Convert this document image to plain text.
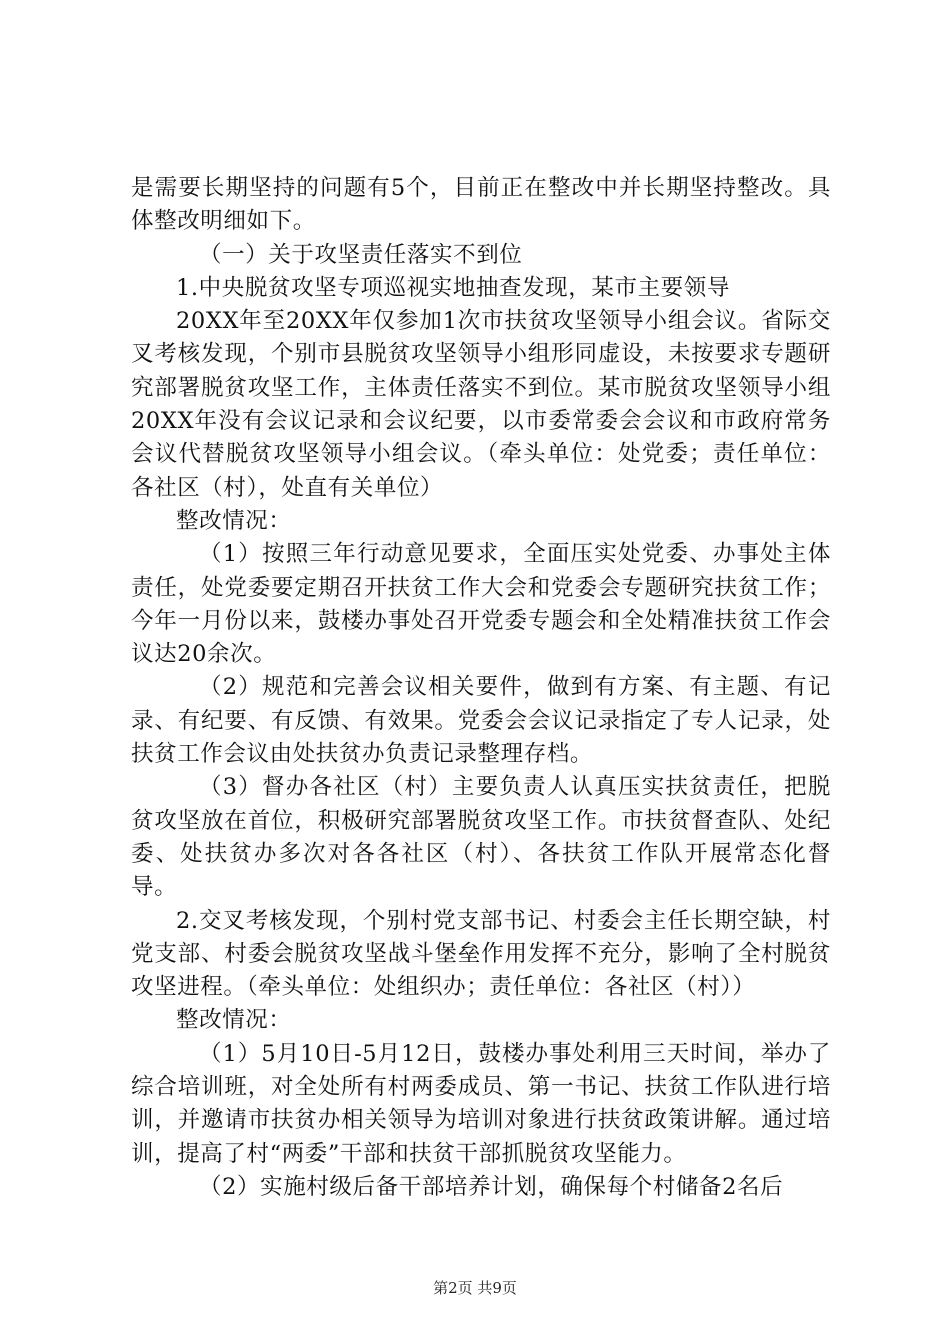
是需要长期坚持的问题有5个，目前正在整改中并长期坚持整改。具体整改明细如下。

（一）关于攻坚责任落实不到位

1.中央脱贫攻坚专项巡视实地抽查发现，某市主要领导

20XX年至20XX年仅参加1次市扶贫攻坚领导小组会议。省际交叉考核发现，个别市县脱贫攻坚领导小组形同虚设，未按要求专题研究部署脱贫攻坚工作，主体责任落实不到位。某市脱贫攻坚领导小组20XX年没有会议记录和会议纪要，以市委常委会会议和市政府常务会议代替脱贫攻坚领导小组会议。（牵头单位：处党委；责任单位：各社区（村），处直有关单位）

整改情况：

（1）按照三年行动意见要求，全面压实处党委、办事处主体责任，处党委要定期召开扶贫工作大会和党委会专题研究扶贫工作；今年一月份以来，鼓楼办事处召开党委专题会和全处精准扶贫工作会议达20余次。

（2）规范和完善会议相关要件，做到有方案、有主题、有记录、有纪要、有反馈、有效果。党委会会议记录指定了专人记录，处扶贫工作会议由处扶贫办负责记录整理存档。

（3）督办各社区（村）主要负责人认真压实扶贫责任，把脱贫攻坚放在首位，积极研究部署脱贫攻坚工作。市扶贫督查队、处纪委、处扶贫办多次对各各社区（村）、各扶贫工作队开展常态化督导。

2.交叉考核发现，个别村党支部书记、村委会主任长期空缺，村党支部、村委会脱贫攻坚战斗堡垒作用发挥不充分，影响了全村脱贫攻坚进程。（牵头单位：处组织办；责任单位：各社区（村））

整改情况：

（1）5月10日-5月12日，鼓楼办事处利用三天时间，举办了综合培训班，对全处所有村两委成员、第一书记、扶贫工作队进行培训，并邀请市扶贫办相关领导为培训对象进行扶贫政策讲解。通过培训，提高了村“两委”干部和扶贫干部抓脱贫攻坚能力。

（2）实施村级后备干部培养计划，确保每个村储备2名后

第2页 共9页
